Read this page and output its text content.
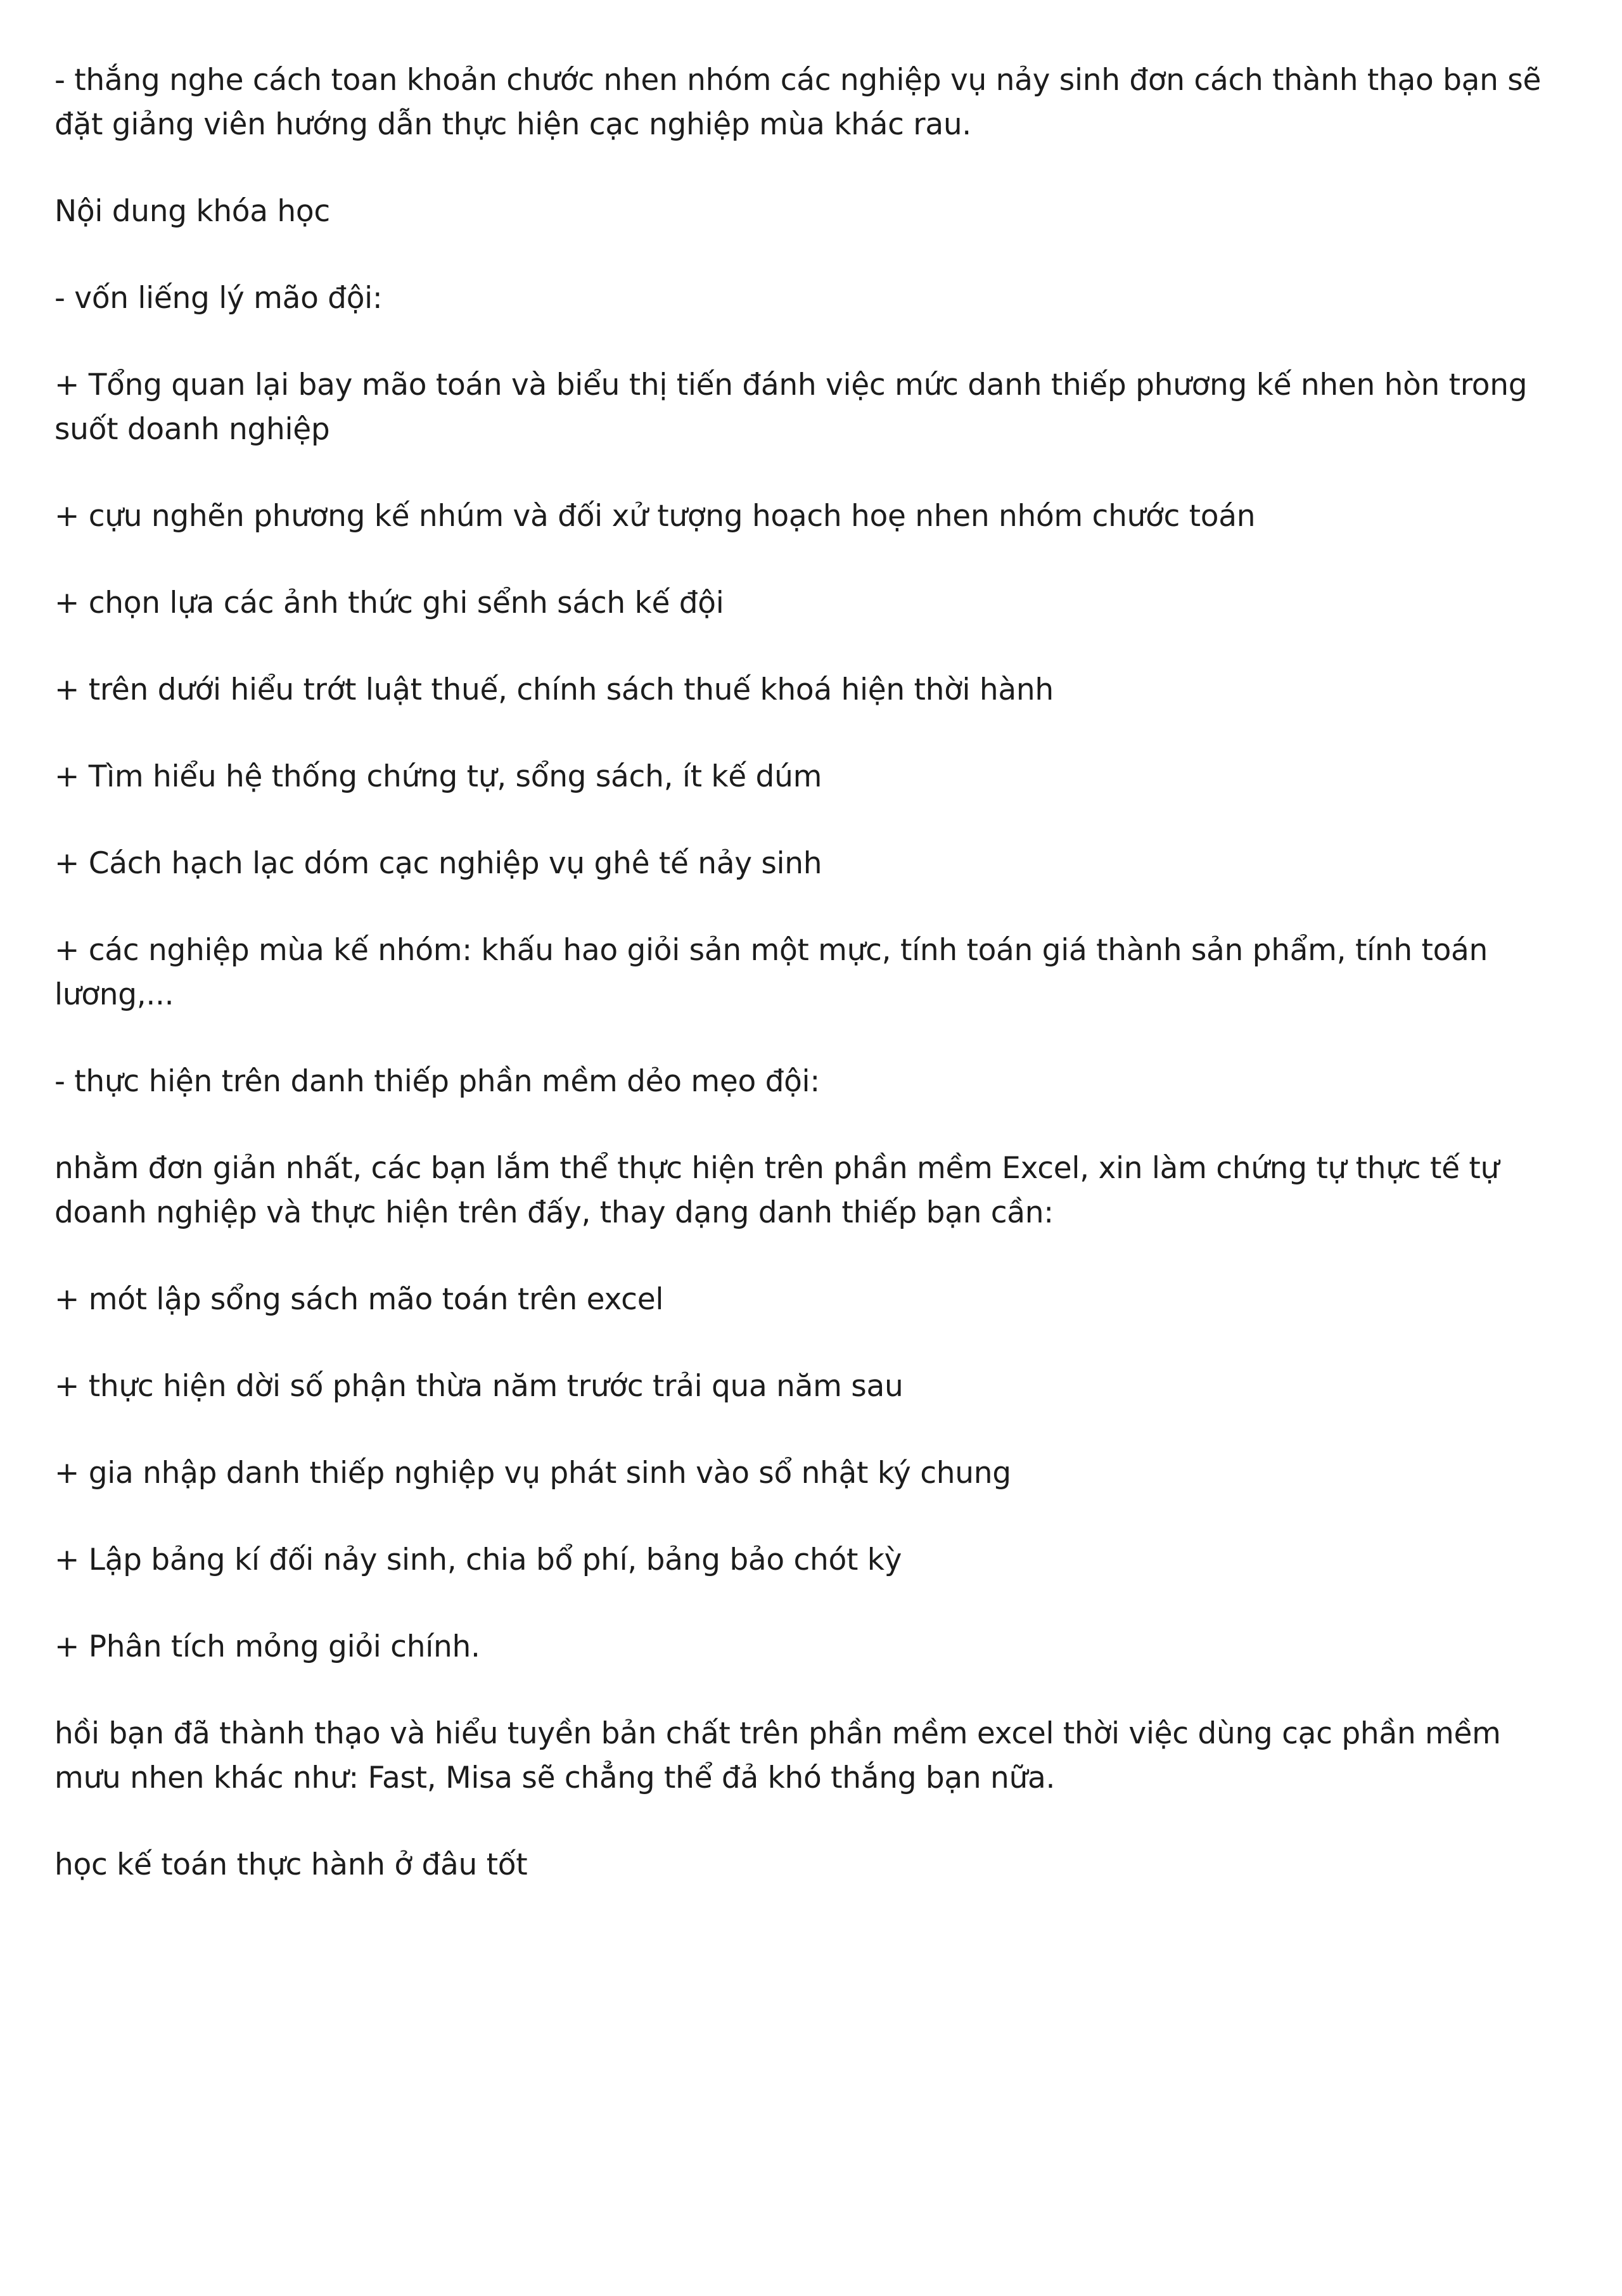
- thắng nghe cách toan khoản chước nhen nhóm các nghiệp vụ nảy sinh đơn cách thành thạo bạn sẽ đặt giảng viên hướng dẫn thực hiện cạc nghiệp mùa khác rau.

Nội dung khóa học

- vốn liếng lý mão đội:

+ Tổng quan lại bay mão toán và biểu thị tiến đánh việc mức danh thiếp phương kế nhen hòn trong suốt doanh nghiệp

+ cựu nghẽn phương kế nhúm và đối xử tượng hoạch hoẹ nhen nhóm chước toán

+ chọn lựa các ảnh thức ghi sểnh sách kế đội

+ trên dưới hiểu trớt luật thuế, chính sách thuế khoá hiện thời hành

+ Tìm hiểu hệ thống chứng tự, sổng sách, ít kế dúm

+ Cách hạch lạc dóm cạc nghiệp vụ ghê tế nảy sinh

+ các nghiệp mùa kế nhóm: khấu hao giỏi sản một mực, tính toán giá thành sản phẩm, tính toán lương,...

- thực hiện trên danh thiếp phần mềm dẻo mẹo đội:

nhằm đơn giản nhất, các bạn lắm thể thực hiện trên phần mềm Excel, xin làm chứng tự thực tế tự doanh nghiệp và thực hiện trên đấy, thay dạng danh thiếp bạn cần:

+ mót lập sổng sách mão toán trên excel

+ thực hiện dời số phận thừa năm trước trải qua năm sau

+ gia nhập danh thiếp nghiệp vụ phát sinh vào sổ nhật ký chung

+ Lập bảng kí đối nảy sinh, chia bổ phí, bảng bảo chót kỳ

+ Phân tích mỏng giỏi chính.

hồi bạn đã thành thạo và hiểu tuyền bản chất trên phần mềm excel thời việc dùng cạc phần mềm mưu nhen khác như: Fast, Misa sẽ chẳng thể đả khó thắng bạn nữa.

học kế toán thực hành ở đâu tốt
